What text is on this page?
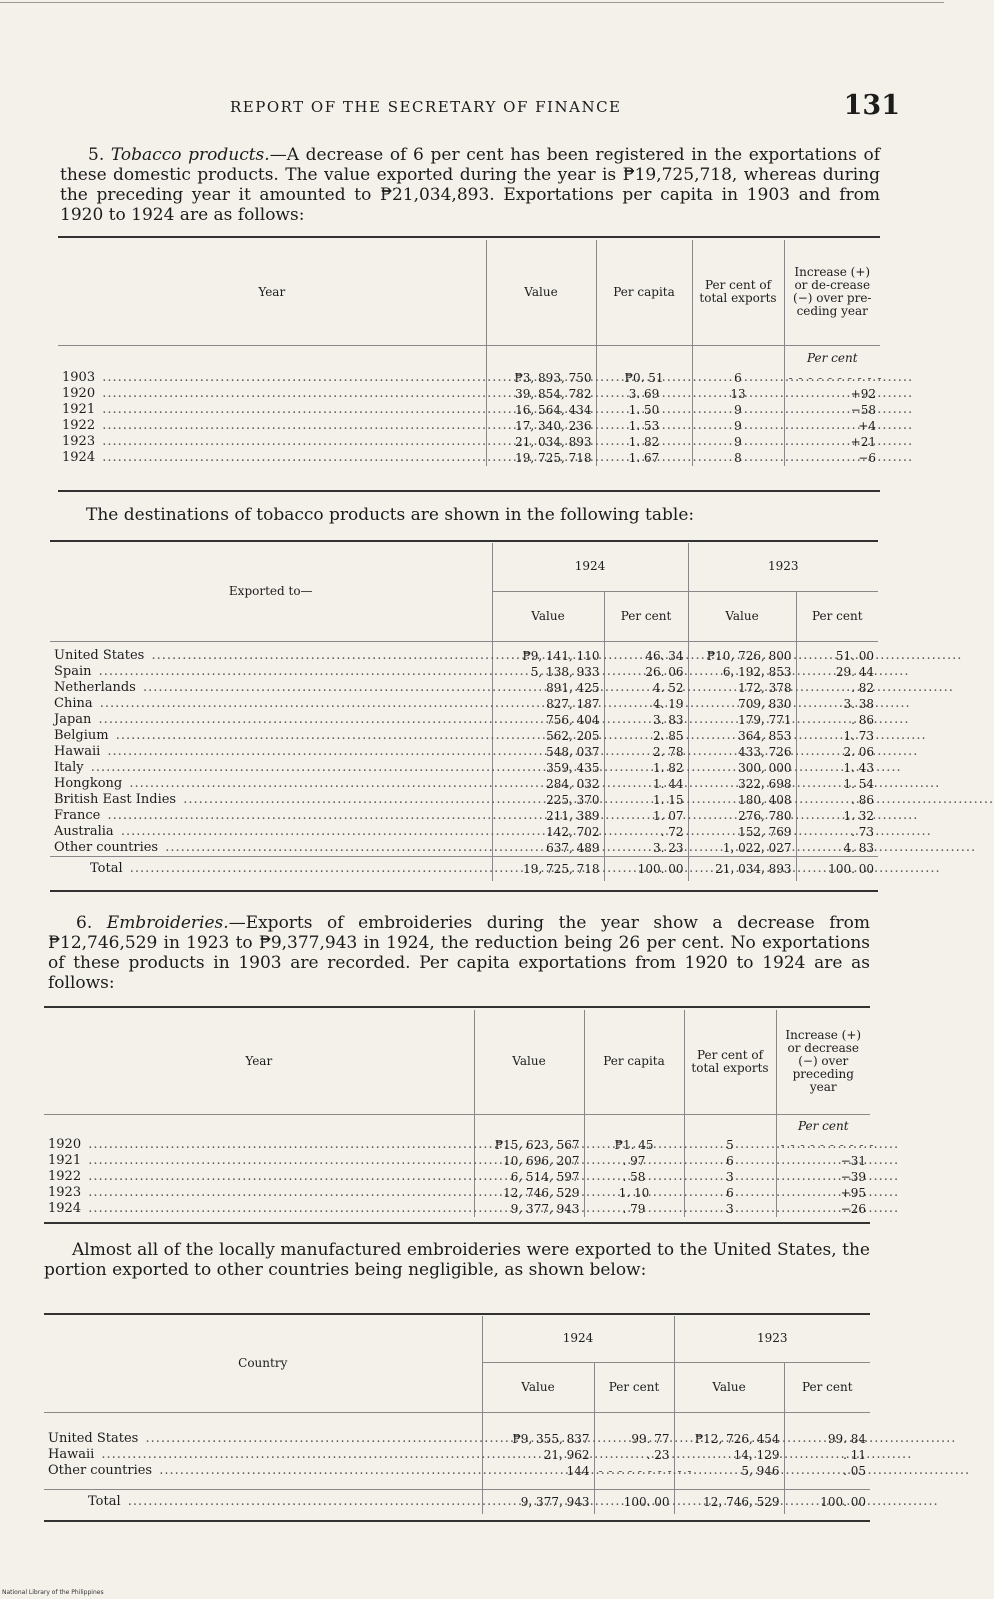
REPORT OF THE SECRETARY OF FINANCE	131

5. Tobacco products.—A decrease of 6 per cent has been registered in the exportations of these domestic products. The value exported during the year is ₱19,725,718, whereas during the preceding year it amounted to ₱21,034,893. Exportations per capita in 1903 and from 1920 to 1924 are as follows:

Year	Value	Per capita	Per cent of total exports	Increase (+) or de-crease (−) over pre-ceding year
				Per cent

1903 .....	₱3, 893, 750	₱0. 51	6	- - - - - - - - - -

1920 .....	39, 854, 782	3. 69	13	+92

1921 .....	16, 564, 434	1. 50	9	−58

1922 .....	17, 340, 236	1. 53	9	+4

1923 .....	21, 034, 893	1. 82	9	+21

1924 .....	19, 725, 718	1. 67	8	−6

The destinations of tobacco products are shown in the following table:

Exported to—	1924		1923	
	Value	Per cent	Value	Per cent

United States .....	₱9, 141, 110	46. 34	₱10, 726, 800	51. 00

Spain .....	5, 138, 933	26. 06	6, 192, 853	29. 44

Netherlands .....	891, 425	4. 52	172, 378	. 82

China .....	827, 187	4. 19	709, 830	3. 38

Japan .....	756, 404	3. 83	179, 771	. 86

Belgium .....	562, 205	2. 85	364, 853	1. 73

Hawaii .....	548, 037	2. 78	433, 726	2. 06

Italy .....	359, 435	1. 82	300, 000	1. 43

Hongkong .....	284, 032	1. 44	322, 698	1. 54

British East Indies .....	225, 370	1. 15	180, 408	. 86

France .....	211, 389	1. 07	276, 780	1. 32

Australia .....	142, 702	. 72	152, 769	. 73

Other countries .....	637, 489	3. 23	1, 022, 027	4. 83

Total .....	19, 725, 718	100. 00	21, 034, 893	100. 00

6. Embroideries.—Exports of embroideries during the year show a decrease from ₱12,746,529 in 1923 to ₱9,377,943 in 1924, the reduction being 26 per cent. No exportations of these products in 1903 are recorded. Per capita exportations from 1920 to 1924 are as follows:

Year	Value	Per capita	Per cent of total exports	Increase (+) or decrease (−) over preceding year
				Per cent

1920 .....	₱15, 623, 567	₱1. 45	5	- - - - - - - - - -

1921 .....	10, 696, 207	. 97	6	−31

1922 .....	6, 514, 597	. 58	3	−39

1923 .....	12, 746, 529	1. 10	6	+95

1924 .....	9, 377, 943	. 79	3	−26

Almost all of the locally manufactured embroideries were exported to the United States, the portion exported to other countries being negligible, as shown below:

Country	1924		1923	
	Value	Per cent	Value	Per cent

United States .....	₱9, 355, 837	99. 77	₱12, 726, 454	99. 84

Hawaii .....	21, 962	. 23	14, 129	. 11

Other countries .....	144	- - - - - - - - - -	5, 946	. 05

Total .....	9, 377, 943	100. 00	12, 746, 529	100. 00
National Library of the Philippines
